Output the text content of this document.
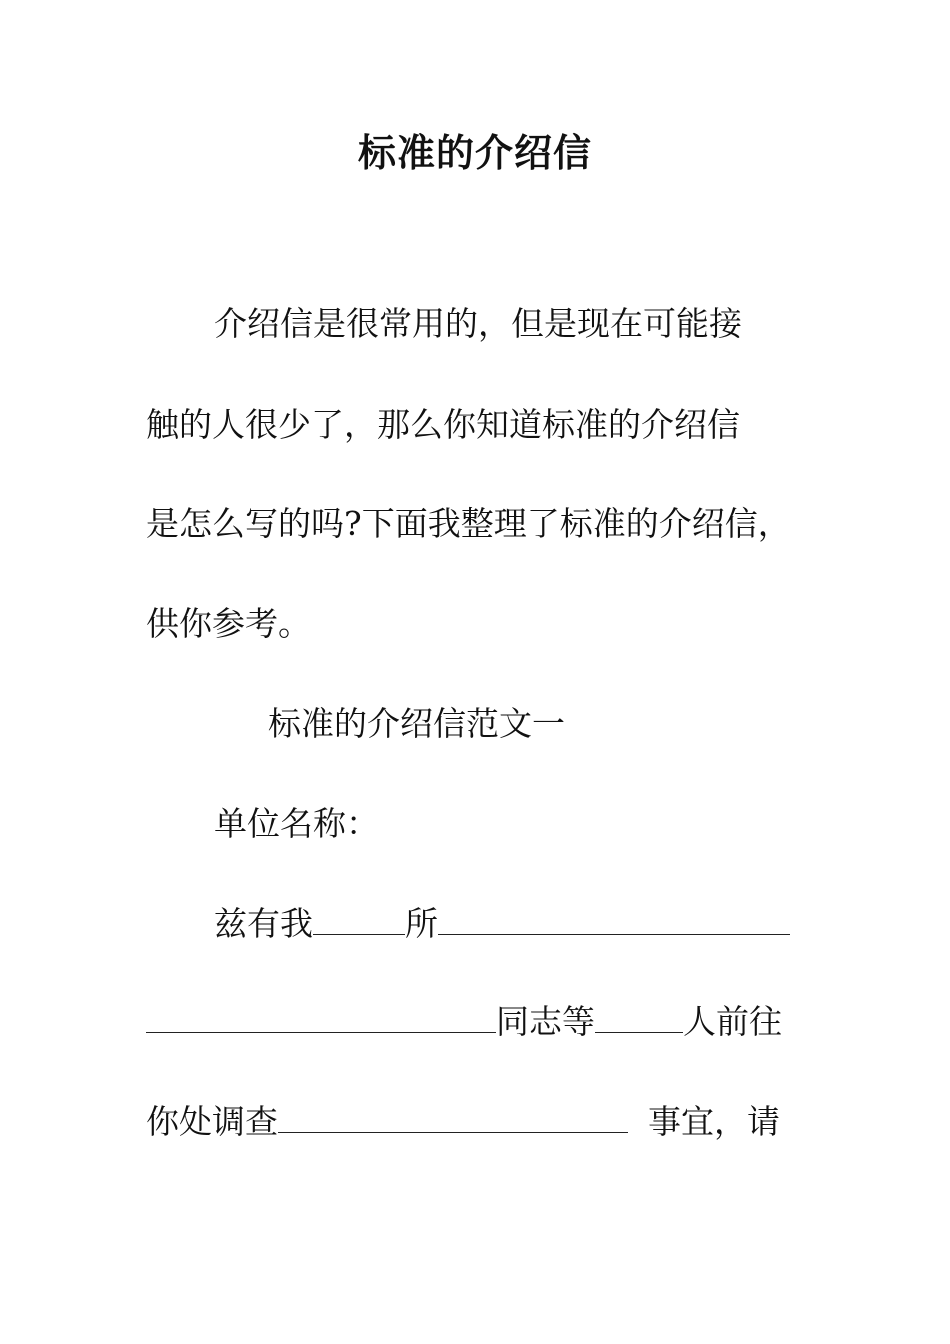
标准的介绍信
介绍信是很常用的，但是现在可能接
触的人很少了，那么你知道标准的介绍信
是怎么写的吗?下面我整理了标准的介绍信，
供你参考。
标准的介绍信范文一
单位名称：
兹有我	所
同志等	人前往
你处调查	事宜，请
